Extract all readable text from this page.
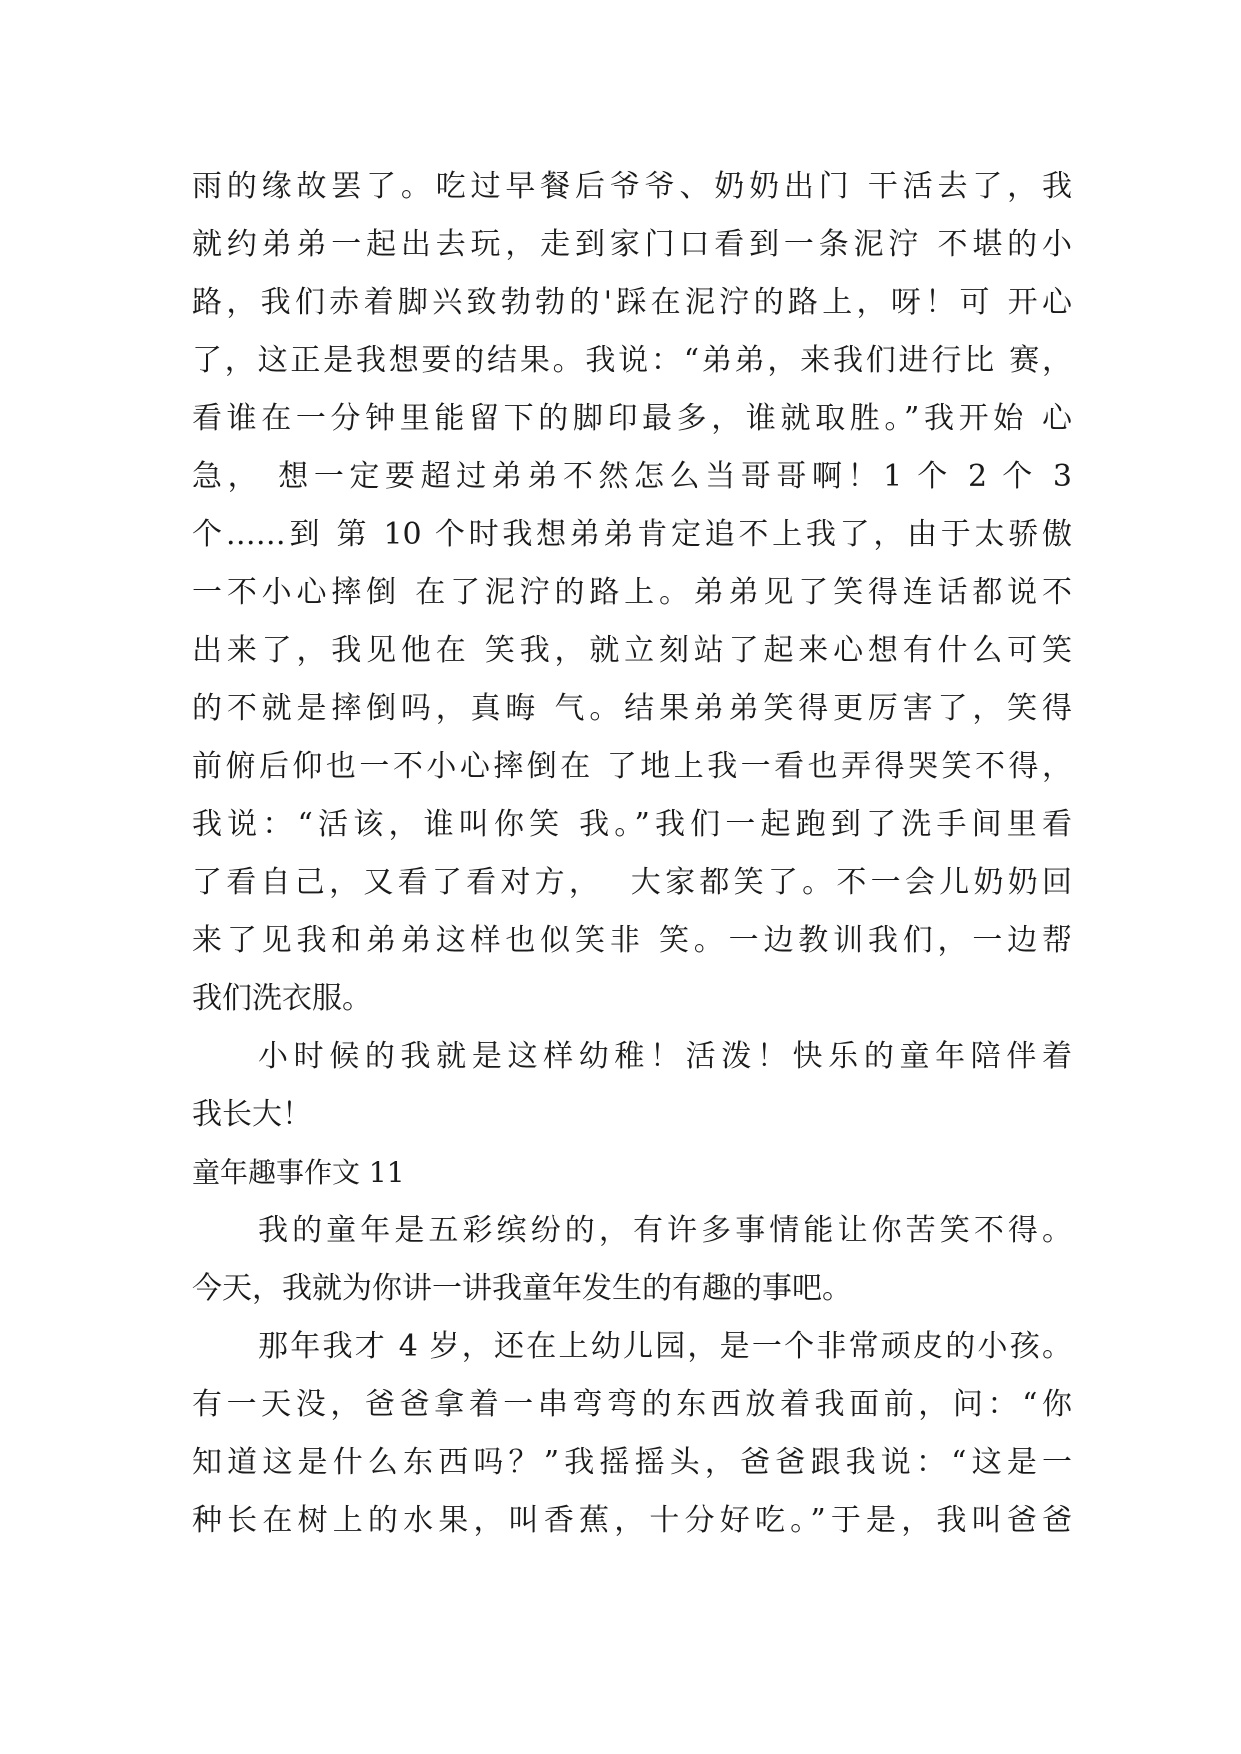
雨的缘故罢了。吃过早餐后爷爷、奶奶出门 干活去了，我
就约弟弟一起出去玩，走到家门口看到一条泥泞 不堪的小
路，我们赤着脚兴致勃勃的'踩在泥泞的路上，呀！可 开心
了，这正是我想要的结果。我说：“弟弟，来我们进行比 赛，
看谁在一分钟里能留下的脚印最多，谁就取胜。”我开始 心
急， 想一定要超过弟弟不然怎么当哥哥啊！1 个 2 个 3
个……到 第 10 个时我想弟弟肯定追不上我了，由于太骄傲
一不小心摔倒 在了泥泞的路上。弟弟见了笑得连话都说不
出来了，我见他在 笑我，就立刻站了起来心想有什么可笑
的不就是摔倒吗，真晦 气。结果弟弟笑得更厉害了，笑得
前俯后仰也一不小心摔倒在 了地上我一看也弄得哭笑不得，
我说：“活该，谁叫你笑 我。”我们一起跑到了洗手间里看
了看自己，又看了看对方，  大家都笑了。不一会儿奶奶回
来了见我和弟弟这样也似笑非 笑。一边教训我们，一边帮
我们洗衣服。
小时候的我就是这样幼稚！活泼！快乐的童年陪伴着
我长大！
童年趣事作文 11
我的童年是五彩缤纷的，有许多事情能让你苦笑不得。
今天，我就为你讲一讲我童年发生的有趣的事吧。
那年我才 4 岁，还在上幼儿园，是一个非常顽皮的小孩。
有一天没，爸爸拿着一串弯弯的东西放着我面前，问：“你
知道这是什么东西吗？”我摇摇头，爸爸跟我说：“这是一
种长在树上的水果，叫香蕉，十分好吃。”于是，我叫爸爸
